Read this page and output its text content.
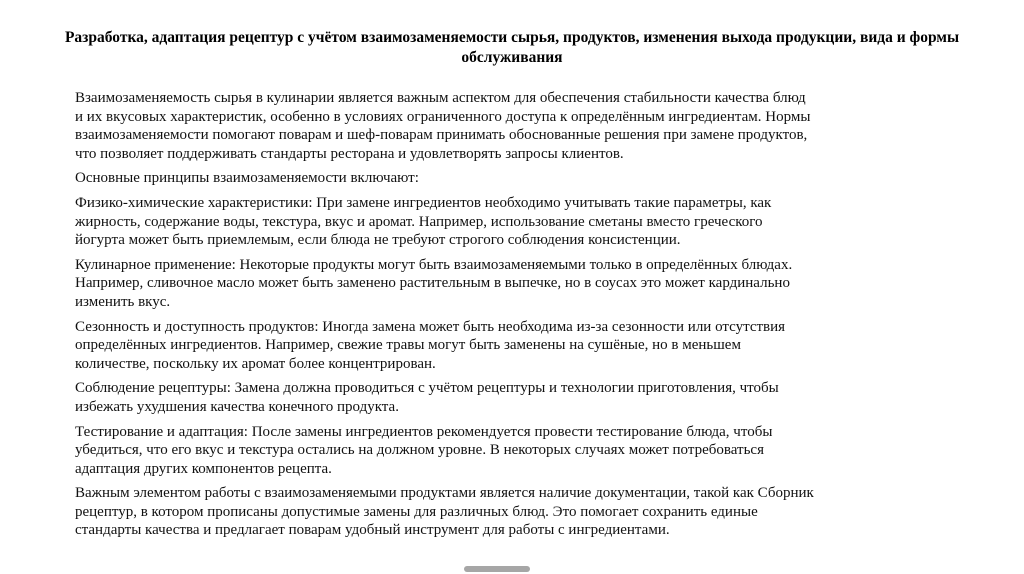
Разработка, адаптация рецептур с учётом взаимозаменяемости сырья, продуктов, изменения выхода продукции, вида и формы обслуживания

Взаимозаменяемость сырья в кулинарии является важным аспектом для обеспечения стабильности качества блюд и их вкусовых характеристик, особенно в условиях ограниченного доступа к определённым ингредиентам. Нормы взаимозаменяемости помогают поварам и шеф-поварам принимать обоснованные решения при замене продуктов, что позволяет поддерживать стандарты ресторана и удовлетворять запросы клиентов.

Основные принципы взаимозаменяемости включают:

Физико-химические характеристики: При замене ингредиентов необходимо учитывать такие параметры, как жирность, содержание воды, текстура, вкус и аромат. Например, использование сметаны вместо греческого йогурта может быть приемлемым, если блюда не требуют строгого соблюдения консистенции.

Кулинарное применение: Некоторые продукты могут быть взаимозаменяемыми только в определённых блюдах. Например, сливочное масло может быть заменено растительным в выпечке, но в соусах это может кардинально изменить вкус.

Сезонность и доступность продуктов: Иногда замена может быть необходима из-за сезонности или отсутствия определённых ингредиентов. Например, свежие травы могут быть заменены на сушёные, но в меньшем количестве, поскольку их аромат более концентрирован.

Соблюдение рецептуры: Замена должна проводиться с учётом рецептуры и технологии приготовления, чтобы избежать ухудшения качества конечного продукта.

Тестирование и адаптация: После замены ингредиентов рекомендуется провести тестирование блюда, чтобы убедиться, что его вкус и текстура остались на должном уровне. В некоторых случаях может потребоваться адаптация других компонентов рецепта.

Важным элементом работы с взаимозаменяемыми продуктами является наличие документации, такой как Сборник рецептур, в котором прописаны допустимые замены для различных блюд. Это помогает сохранить единые стандарты качества и предлагает поварам удобный инструмент для работы с ингредиентами.
